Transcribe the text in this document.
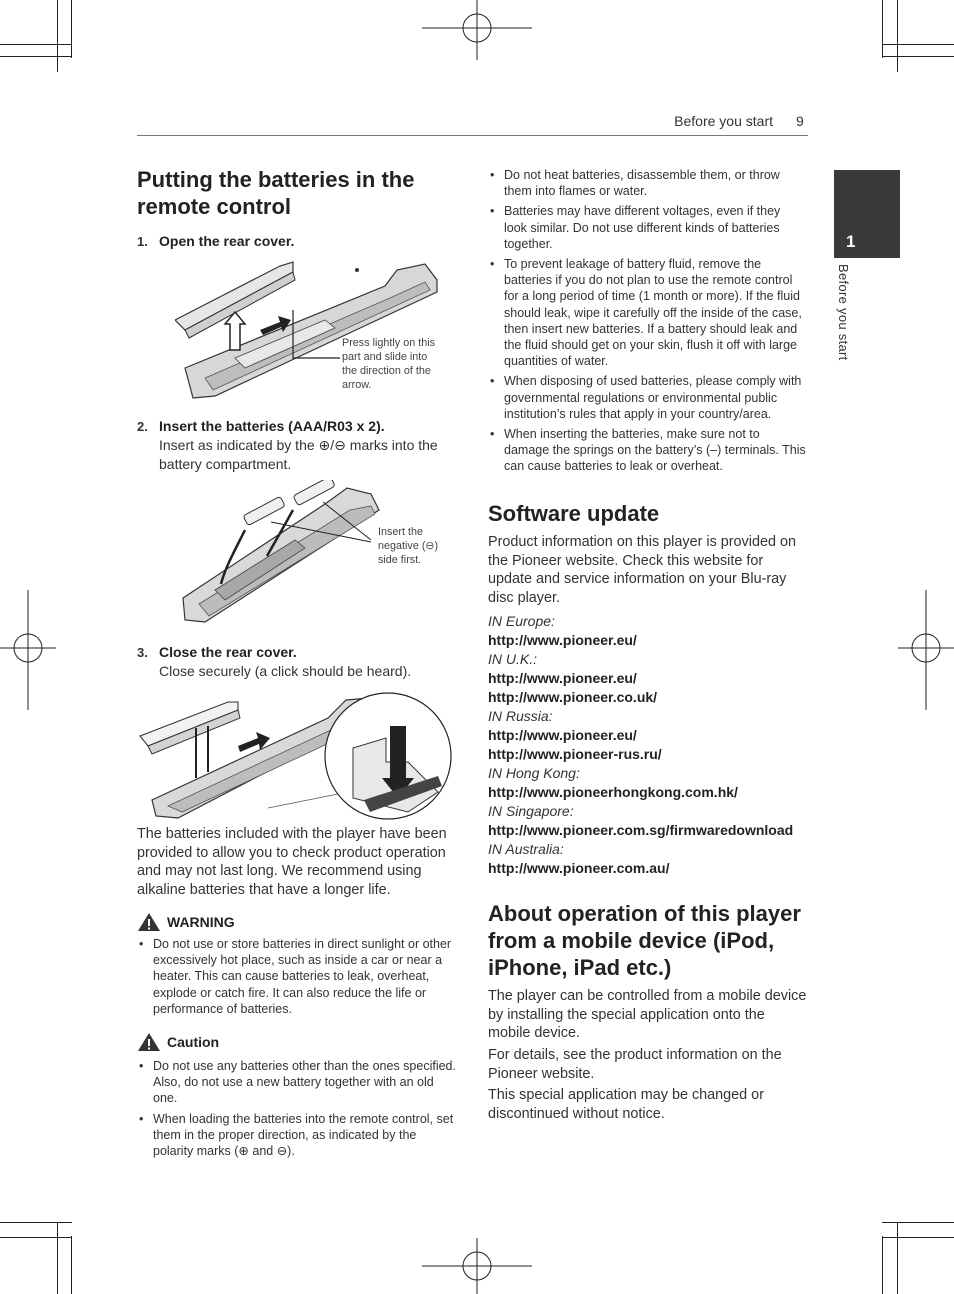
Before you start 9
1
Before you start
Putting the batteries in the remote control
1. Open the rear cover.
Press lightly on this part and slide into the direction of the arrow.
2. Insert the batteries (AAA/R03 x 2).
Insert as indicated by the ⊕/⊖ marks into the battery compartment.
Insert the negative (⊖) side first.
3. Close the rear cover.
Close securely (a click should be heard).

The batteries included with the player have been provided to allow you to check product operation and may not last long. We recommend using alkaline batteries that have a longer life.

WARNING
• Do not use or store batteries in direct sunlight or other excessively hot place, such as inside a car or near a heater. This can cause batteries to leak, overheat, explode or catch fire. It can also reduce the life or performance of batteries.
Caution
• Do not use any batteries other than the ones specified. Also, do not use a new battery together with an old one.
• When loading the batteries into the remote control, set them in the proper direction, as indicated by the polarity marks (⊕ and ⊖).
• Do not heat batteries, disassemble them, or throw them into flames or water.
• Batteries may have different voltages, even if they look similar. Do not use different kinds of batteries together.
• To prevent leakage of battery fluid, remove the batteries if you do not plan to use the remote control for a long period of time (1 month or more). If the fluid should leak, wipe it carefully off the inside of the case, then insert new batteries. If a battery should leak and the fluid should get on your skin, flush it off with large quantities of water.
• When disposing of used batteries, please comply with governmental regulations or environmental public institution’s rules that apply in your country/area.
• When inserting the batteries, make sure not to damage the springs on the battery’s (–) terminals. This can cause batteries to leak or overheat.
Software update

Product information on this player is provided on the Pioneer website. Check this website for update and service information on your Blu-ray disc player.

IN Europe:
http://www.pioneer.eu/
IN U.K.:
http://www.pioneer.eu/
http://www.pioneer.co.uk/
IN Russia:
http://www.pioneer.eu/
http://www.pioneer-rus.ru/
IN Hong Kong:
http://www.pioneerhongkong.com.hk/
IN Singapore:
http://www.pioneer.com.sg/firmwaredownload
IN Australia:
http://www.pioneer.com.au/
About operation of this player from a mobile device (iPod, iPhone, iPad etc.)

The player can be controlled from a mobile device by installing the special application onto the mobile device.

For details, see the product information on the Pioneer website.

This special application may be changed or discontinued without notice.
